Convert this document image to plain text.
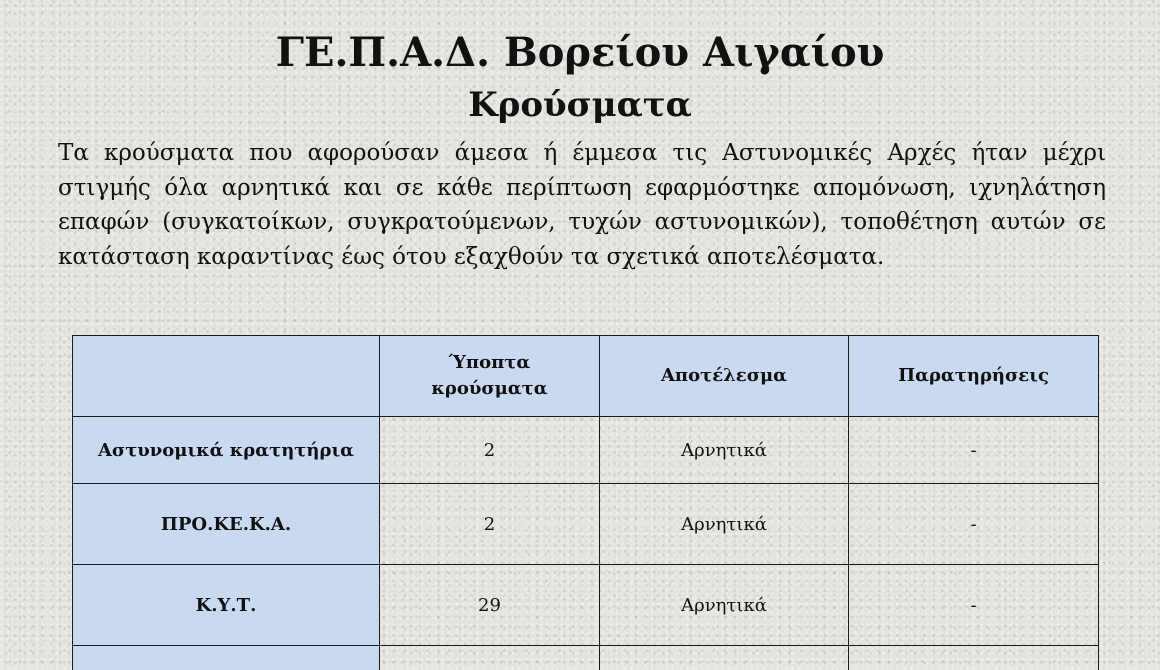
ΓΕ.Π.Α.Δ. Βορείου Αιγαίου
Κρούσματα

Τα κρούσματα που αφορούσαν άμεσα ή έμμεσα τις Αστυνομικές Αρχές ήταν μέχρι στιγμής όλα αρνητικά και σε κάθε περίπτωση εφαρμόστηκε απομόνωση, ιχνηλάτηση επαφών (συγκατοίκων, συγκρατούμενων, τυχών αστυνομικών), τοποθέτηση αυτών σε κατάσταση καραντίνας έως ότου εξαχθούν τα σχετικά αποτελέσματα.

	Ύποπτα κρούσματα	Αποτέλεσμα	Παρατηρήσεις
Αστυνομικά κρατητήρια	2	Αρνητικά	-
ΠΡΟ.ΚΕ.Κ.Α.	2	Αρνητικά	-
Κ.Υ.Τ.	29	Αρνητικά	-
